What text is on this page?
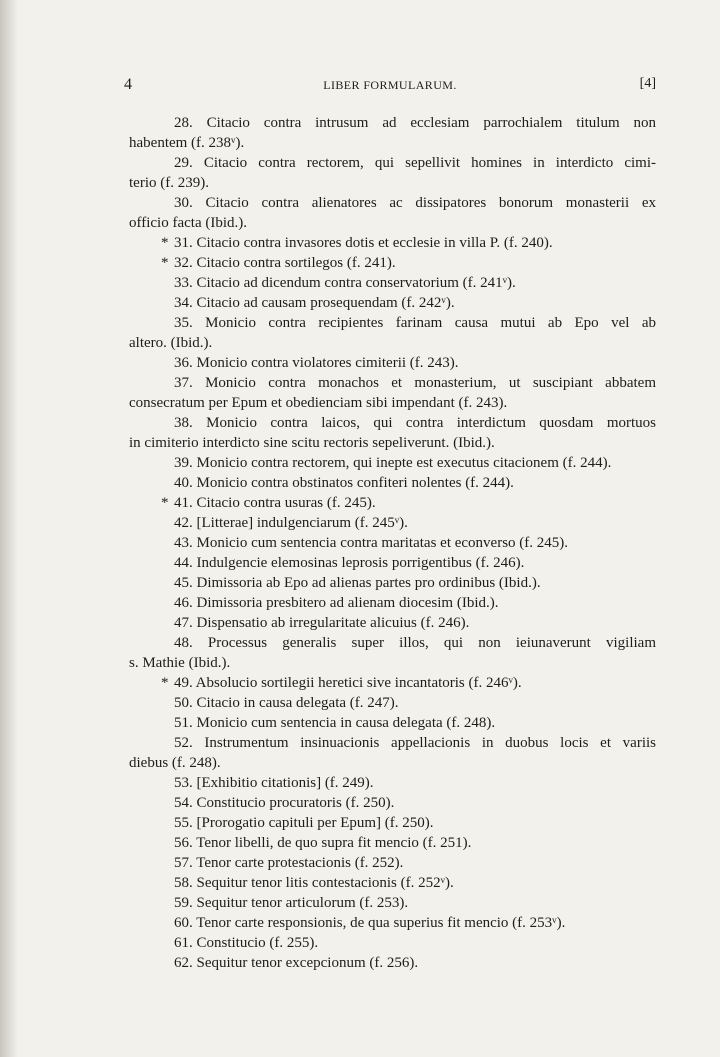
4	LIBER FORMULARUM.	[4]
28. Citacio contra intrusum ad ecclesiam parrochialem titulum non
habentem (f. 238ᵛ).
29. Citacio contra rectorem, qui sepellivit homines in interdicto cimi-
terio (f. 239).
30. Citacio contra alienatores ac dissipatores bonorum monasterii ex
officio facta (Ibid.).
* 31. Citacio contra invasores dotis et ecclesie in villa P. (f. 240).
* 32. Citacio contra sortilegos (f. 241).
33. Citacio ad dicendum contra conservatorium (f. 241ᵛ).
34. Citacio ad causam prosequendam (f. 242ᵛ).
35. Monicio contra recipientes farinam causa mutui ab Epo vel ab
altero. (Ibid.).
36. Monicio contra violatores cimiterii (f. 243).
37. Monicio contra monachos et monasterium, ut suscipiant abbatem
consecratum per Epum et obedienciam sibi impendant (f. 243).
38. Monicio contra laicos, qui contra interdictum quosdam mortuos
in cimiterio interdicto sine scitu rectoris sepeliverunt. (Ibid.).
39. Monicio contra rectorem, qui inepte est executus citacionem (f. 244).
40. Monicio contra obstinatos confiteri nolentes (f. 244).
* 41. Citacio contra usuras (f. 245).
42. [Litterae] indulgenciarum (f. 245ᵛ).
43. Monicio cum sentencia contra maritatas et econverso (f. 245).
44. Indulgencie elemosinas leprosis porrigentibus (f. 246).
45. Dimissoria ab Epo ad alienas partes pro ordinibus (Ibid.).
46. Dimissoria presbitero ad alienam diocesim (Ibid.).
47. Dispensatio ab irregularitate alicuius (f. 246).
48. Processus generalis super illos, qui non ieiunaverunt vigiliam
s. Mathie (Ibid.).
* 49. Absolucio sortilegii heretici sive incantatoris (f. 246ᵛ).
50. Citacio in causa delegata (f. 247).
51. Monicio cum sentencia in causa delegata (f. 248).
52. Instrumentum insinuacionis appellacionis in duobus locis et variis
diebus (f. 248).
53. [Exhibitio citationis] (f. 249).
54. Constitucio procuratoris (f. 250).
55. [Prorogatio capituli per Epum] (f. 250).
56. Tenor libelli, de quo supra fit mencio (f. 251).
57. Tenor carte protestacionis (f. 252).
58. Sequitur tenor litis contestacionis (f. 252ᵛ).
59. Sequitur tenor articulorum (f. 253).
60. Tenor carte responsionis, de qua superius fit mencio (f. 253ᵛ).
61. Constitucio (f. 255).
62. Sequitur tenor excepcionum (f. 256).
